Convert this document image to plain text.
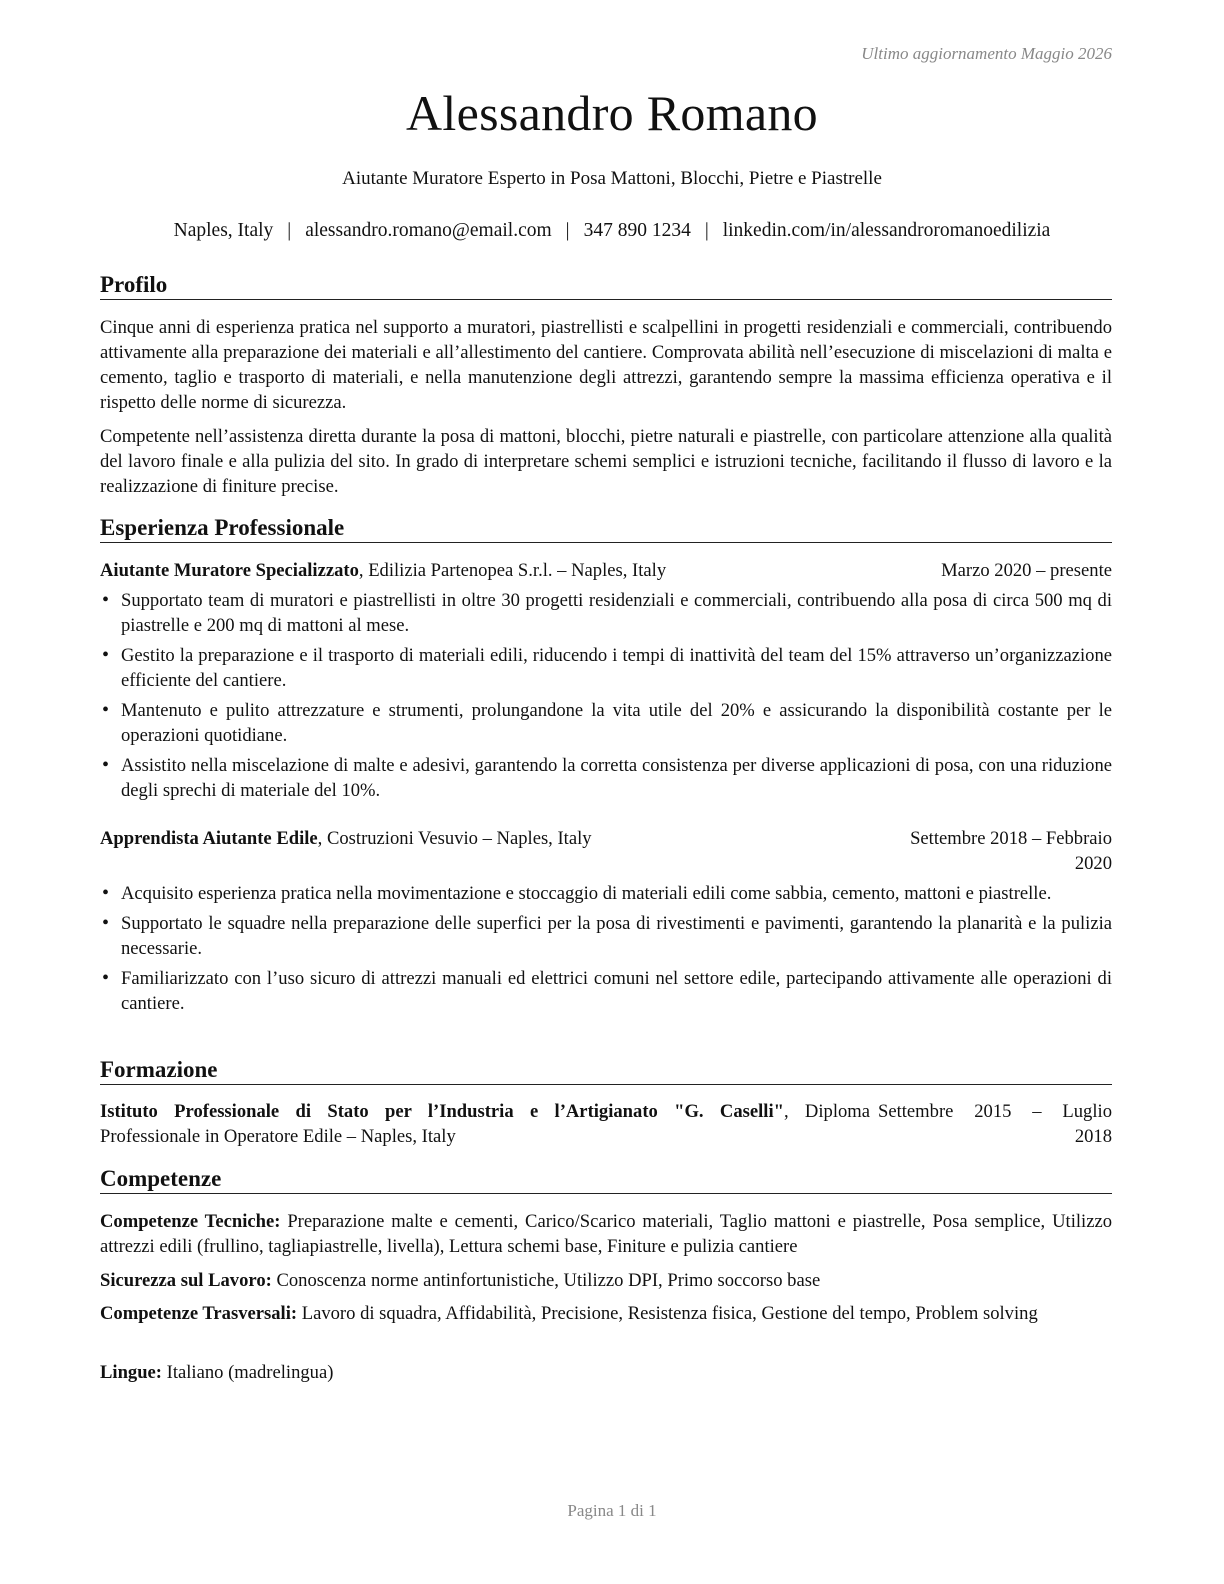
Ultimo aggiornamento Maggio 2026
Alessandro Romano
Aiutante Muratore Esperto in Posa Mattoni, Blocchi, Pietre e Piastrelle
Naples, Italy | alessandro.romano@email.com | 347 890 1234 | linkedin.com/in/alessandroromanoedilizia
Profilo
Cinque anni di esperienza pratica nel supporto a muratori, piastrellisti e scalpellini in progetti residenziali e commerciali, contribuendo attivamente alla preparazione dei materiali e all’allestimento del cantiere. Comprovata abilità nell’esecuzione di miscelazioni di malta e cemento, taglio e trasporto di materiali, e nella manutenzione degli attrezzi, garantendo sempre la massima efficienza operativa e il rispetto delle norme di sicurezza.
Competente nell’assistenza diretta durante la posa di mattoni, blocchi, pietre naturali e piastrelle, con particolare attenzione alla qualità del lavoro finale e alla pulizia del sito. In grado di interpretare schemi semplici e istruzioni tecniche, facilitando il flusso di lavoro e la realizzazione di finiture precise.
Esperienza Professionale
Aiutante Muratore Specializzato, Edilizia Partenopea S.r.l. – Naples, Italy	Marzo 2020 – presente
• Supportato team di muratori e piastrellisti in oltre 30 progetti residenziali e commerciali, contribuendo alla posa di circa 500 mq di piastrelle e 200 mq di mattoni al mese.
• Gestito la preparazione e il trasporto di materiali edili, riducendo i tempi di inattività del team del 15% attraverso un’organizzazione efficiente del cantiere.
• Mantenuto e pulito attrezzature e strumenti, prolungandone la vita utile del 20% e assicurando la disponibilità costante per le operazioni quotidiane.
• Assistito nella miscelazione di malte e adesivi, garantendo la corretta consistenza per diverse applicazioni di posa, con una riduzione degli sprechi di materiale del 10%.
Apprendista Aiutante Edile, Costruzioni Vesuvio – Naples, Italy	Settembre 2018 – Febbraio
2020
• Acquisito esperienza pratica nella movimentazione e stoccaggio di materiali edili come sabbia, cemento, mattoni e piastrelle.
• Supportato le squadre nella preparazione delle superfici per la posa di rivestimenti e pavimenti, garantendo la planarità e la pulizia necessarie.
• Familiarizzato con l’uso sicuro di attrezzi manuali ed elettrici comuni nel settore edile, partecipando attivamente alle operazioni di cantiere.
Formazione
Istituto Professionale di Stato per l’Industria e l’Artigianato "G. Caselli", Diploma
Professionale in Operatore Edile – Naples, Italy
Settembre 2015 – Luglio
2018
Competenze
Competenze Tecniche: Preparazione malte e cementi, Carico/Scarico materiali, Taglio mattoni e piastrelle, Posa semplice, Utilizzo attrezzi edili (frullino, tagliapiastrelle, livella), Lettura schemi base, Finiture e pulizia cantiere
Sicurezza sul Lavoro: Conoscenza norme antinfortunistiche, Utilizzo DPI, Primo soccorso base
Competenze Trasversali: Lavoro di squadra, Affidabilità, Precisione, Resistenza fisica, Gestione del tempo, Problem solving
Lingue: Italiano (madrelingua)
Pagina 1 di 1
